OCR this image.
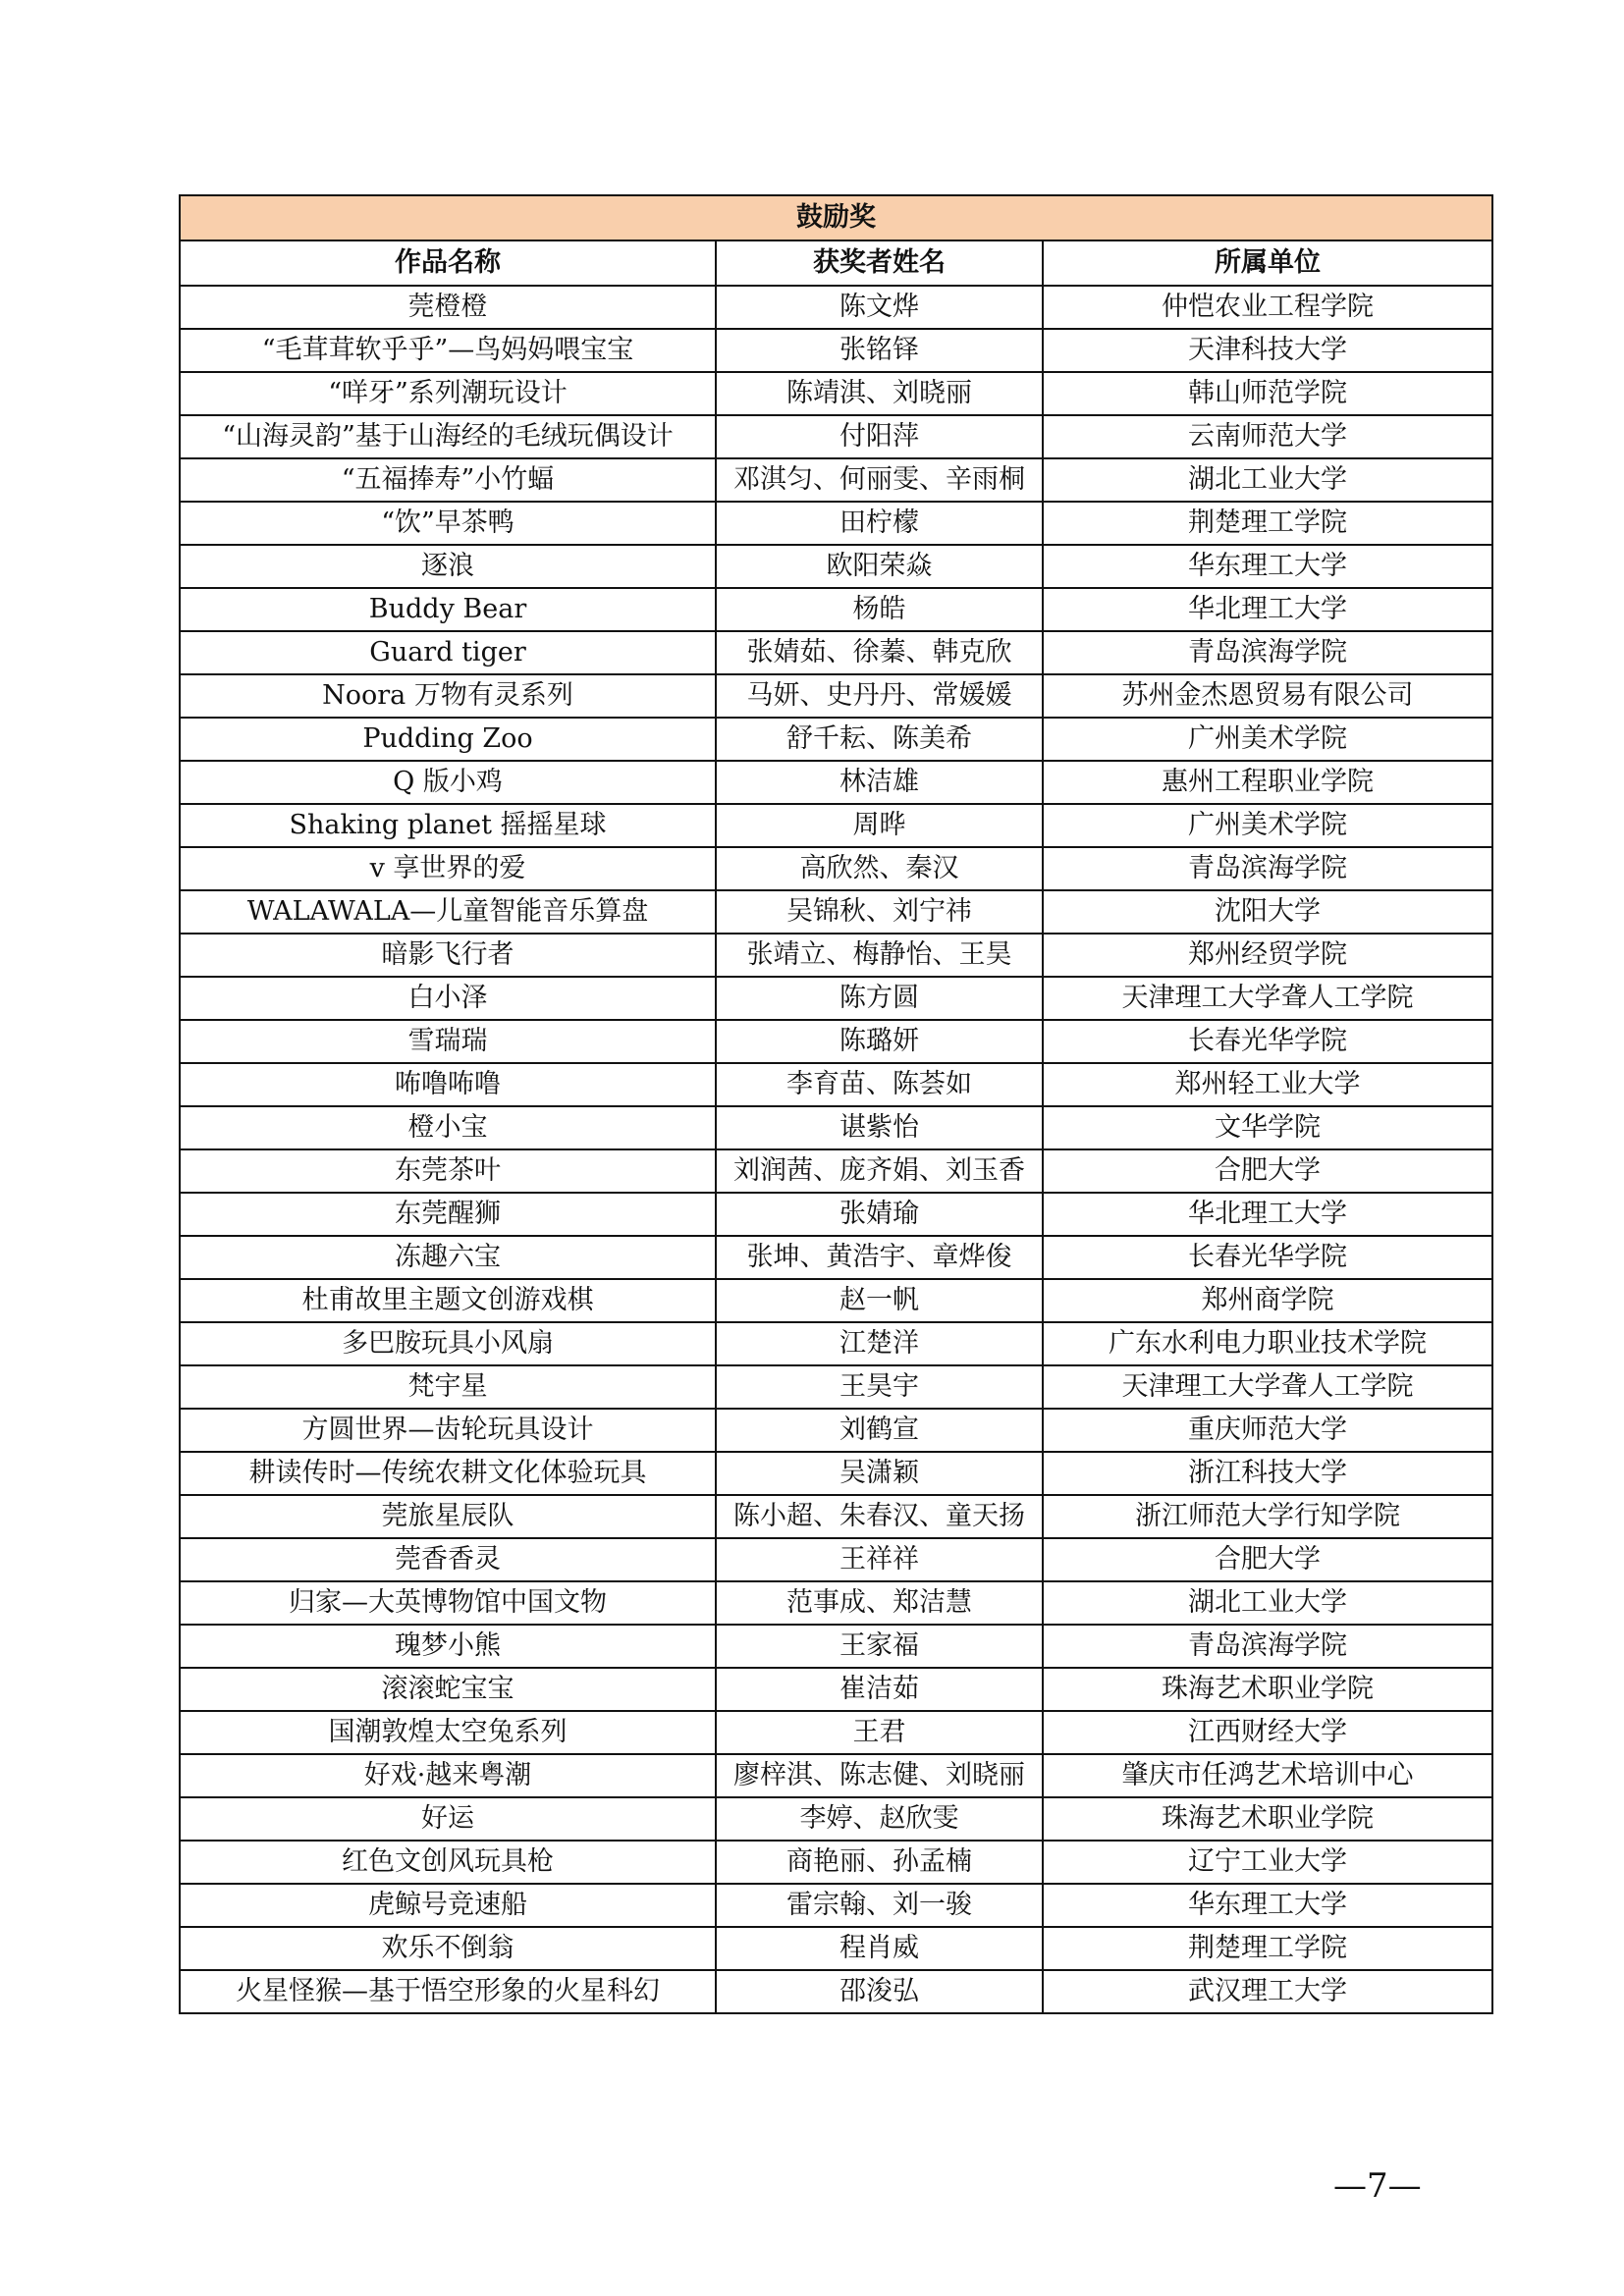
鼓励奖		
作品名称	获奖者姓名	所属单位
莞橙橙	陈文烨	仲恺农业工程学院
“毛茸茸软乎乎”—鸟妈妈喂宝宝	张铭铎	天津科技大学
“咩牙”系列潮玩设计	陈靖淇、刘晓丽	韩山师范学院
“山海灵韵”基于山海经的毛绒玩偶设计	付阳萍	云南师范大学
“五福捧寿”小竹蝠	邓淇匀、何丽雯、辛雨桐	湖北工业大学
“饮”早茶鸭	田柠檬	荆楚理工学院
逐浪	欧阳荣焱	华东理工大学
Buddy Bear	杨皓	华北理工大学
Guard tiger	张婧茹、徐蓁、韩克欣	青岛滨海学院
Noora 万物有灵系列	马妍、史丹丹、常媛媛	苏州金杰恩贸易有限公司
Pudding Zoo	舒千耘、陈美希	广州美术学院
Q 版小鸡	林洁雄	惠州工程职业学院
Shaking planet 摇摇星球	周晔	广州美术学院
v 享世界的爱	高欣然、秦汉	青岛滨海学院
WALAWALA—儿童智能音乐算盘	吴锦秋、刘宁祎	沈阳大学
暗影飞行者	张靖立、梅静怡、王昊	郑州经贸学院
白小泽	陈方圆	天津理工大学聋人工学院
雪瑞瑞	陈璐妍	长春光华学院
咘噜咘噜	李育苗、陈荟如	郑州轻工业大学
橙小宝	谌紫怡	文华学院
东莞茶叶	刘润茜、庞齐娟、刘玉香	合肥大学
东莞醒狮	张婧瑜	华北理工大学
冻趣六宝	张坤、黄浩宇、章烨俊	长春光华学院
杜甫故里主题文创游戏棋	赵一帆	郑州商学院
多巴胺玩具小风扇	江楚洋	广东水利电力职业技术学院
梵宇星	王昊宇	天津理工大学聋人工学院
方圆世界—齿轮玩具设计	刘鹤宣	重庆师范大学
耕读传时—传统农耕文化体验玩具	吴潇颖	浙江科技大学
莞旅星辰队	陈小超、朱春汉、童天扬	浙江师范大学行知学院
莞香香灵	王祥祥	合肥大学
归家—大英博物馆中国文物	范事成、郑洁慧	湖北工业大学
瑰梦小熊	王家福	青岛滨海学院
滚滚蛇宝宝	崔洁茹	珠海艺术职业学院
国潮敦煌太空兔系列	王君	江西财经大学
好戏·越来粤潮	廖梓淇、陈志健、刘晓丽	肇庆市任鸿艺术培训中心
好运	李婷、赵欣雯	珠海艺术职业学院
红色文创风玩具枪	商艳丽、孙孟楠	辽宁工业大学
虎鲸号竞速船	雷宗翰、刘一骏	华东理工大学
欢乐不倒翁	程肖威	荆楚理工学院
火星怪猴—基于悟空形象的火星科幻	邵浚弘	武汉理工大学
—7—
